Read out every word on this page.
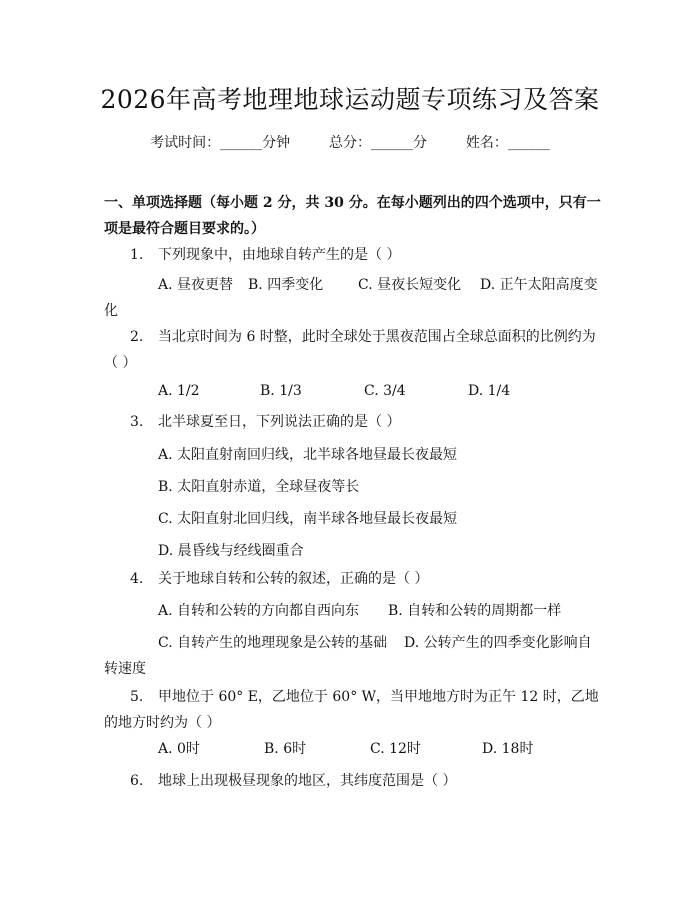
2026年高考地理地球运动题专项练习及答案
考试时间：______分钟	总分：______分	姓名：______
一、单项选择题（每小题 2 分，共 30 分。在每小题列出的四个选项中，只有一项是最符合题目要求的。）
1. 下列现象中，由地球自转产生的是（ ）
A. 昼夜更替 B. 四季变化 C. 昼夜长短变化 D. 正午太阳高度变化
2. 当北京时间为 6 时整，此时全球处于黑夜范围占全球总面积的比例约为（ ）
A. 1/2	B. 1/3	C. 3/4	D. 1/4
3. 北半球夏至日，下列说法正确的是（ ）
A. 太阳直射南回归线，北半球各地昼最长夜最短
B. 太阳直射赤道，全球昼夜等长
C. 太阳直射北回归线，南半球各地昼最长夜最短
D. 晨昏线与经线圈重合
4. 关于地球自转和公转的叙述，正确的是（ ）
A. 自转和公转的方向都自西向东 B. 自转和公转的周期都一样
C. 自转产生的地理现象是公转的基础 D. 公转产生的四季变化影响自转速度
5. 甲地位于 60° E，乙地位于 60° W，当甲地地方时为正午 12 时，乙地的地方时约为（ ）
A. 0时	B. 6时	C. 12时	D. 18时
6. 地球上出现极昼现象的地区，其纬度范围是（ ）
